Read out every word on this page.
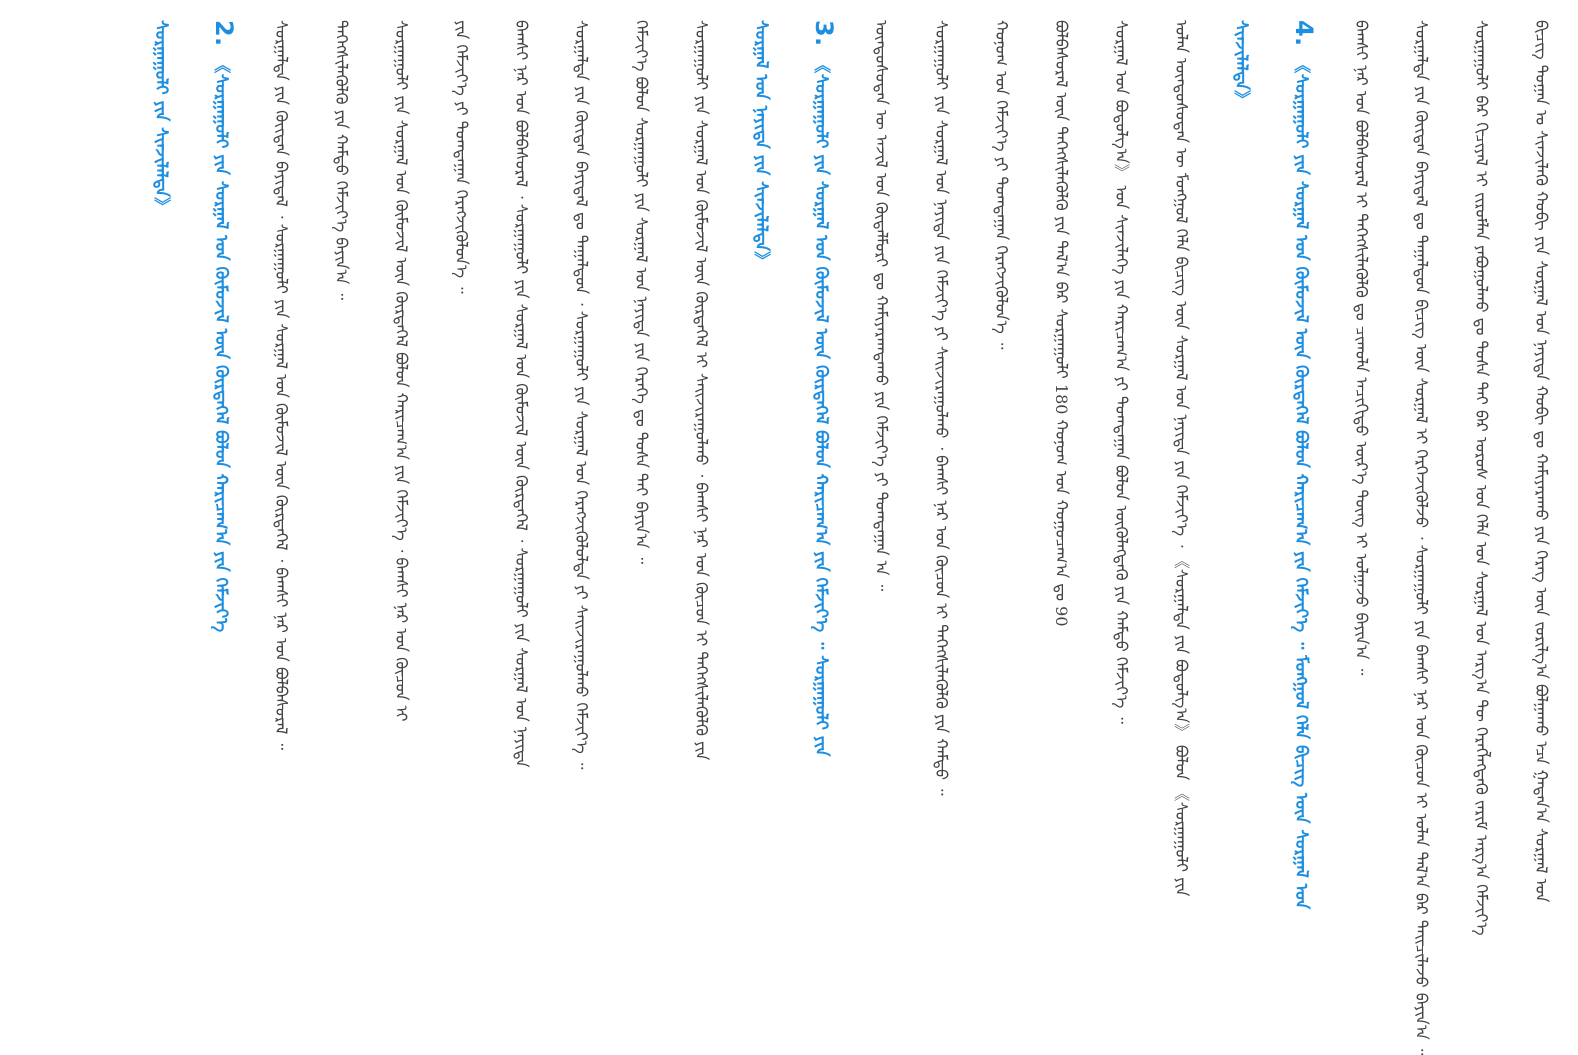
ᠪᠢᠴᠢᠭ᠌ ᠲᠣᠭᠠᠨ ᠤ ᠰᠢᠨᠵᠢᠯᠡᠬᠦ ᠬᠤᠪᠢ ᠶᠢᠨ ᠰᠤᠷᠭᠠᠯ ᠤᠨ ᠨᠡᠶᠢᠲᠡ ᠬᠤᠪᠢ ᠳᠤ ᠬᠠᠮᠢᠶᠠᠷᠠᠬᠤ ᠶᠢᠨ ᠬᠡᠷᠡᠭ ᠦᠨ ᠵᠣᠷᠢᠯᠭ᠎ᠠ ᠪᠣᠯᠭᠠᠬᠤ ᠡᠴᠡ ᠭᠠᠳᠠᠨ᠎ᠠ ᠰᠤᠷᠭᠠᠯ ᠤᠨ
ᠰᠤᠷᠭᠠᠭᠤᠯᠢ ᠪᠠᠷ ᠬᠢᠴᠢᠶᠡᠯ ᠢ ᠵᠢᠷᠤᠮᠯᠠᠨ ᠶᠠᠪᠤᠭᠤᠯᠬᠤ ᠳᠤ ᠲᠤᠰᠠ ᠲᠡᠢ ᠪᠡᠷ ᠣᠷᠣᠰ ᠤᠨ ᠬᠡᠯᠡ ᠤᠨ ᠰᠤᠷᠭᠠᠯ ᠤᠨ ᠠᠷᠭ᠎ᠠ ᠲᠦ ᠬᠡᠷᠡᠭᠯᠡᠭᠳᠡᠬᠦ ᠵᠠᠷᠢᠮ ᠠᠷᠭ᠎ᠠ ᠬᠡᠮᠵᠢᠶ᠎ᠡ
ᠰᠤᠷᠭᠠᠯᠲᠠ ᠶᠢᠨ ᠬᠦᠢᠲᠡᠨ ᠪᠠᠶᠢᠳᠠᠯ ᠳᠤ ᠳᠠᠭᠠᠯᠳᠤᠨ ᠪᠢᠴᠢᠭ᠌ ᠦᠨ ᠰᠤᠷᠭᠠᠯ ᠢ ᠬᠡᠷᠭᠡᠵᠢᠭᠦᠯᠵᠦ ᠂ ᠰᠤᠷᠭᠠᠭᠤᠯᠢ ᠶᠢᠨ ᠪᠠᠭᠰᠢ ᠨᠠᠷ ᠤᠨ ᠬᠦᠴᠦᠨ ᠢ ᠣᠯᠠᠨ ᠲᠠᠯ᠎ᠠ ᠪᠡᠷ ᠳᠠᠢᠴᠢᠯᠠᠵᠤ ᠪᠠᠶᠢᠨ᠎ᠠ ᠃
ᠪᠠᠭᠰᠢ ᠨᠠᠷ ᠤᠨ ᠪᠣᠯᠪᠠᠰᠤᠷᠠᠯ ᠢ ᠳᠡᠭᠡᠭᠰᠢᠯᠡᠭᠦᠯᠬᠦ ᠳᠤ ᠴᠢᠬᠤᠯᠠ ᠠᠴᠢᠬᠢᠲᠤ ᠦᠷ᠎ᠡ ᠳᠦᠩ ᠢ ᠣᠯᠭᠠᠵᠤ ᠪᠠᠶᠢᠨ᠎ᠠ ᠃
4.《ᠰᠤᠷᠭᠠᠭᠤᠯᠢ ᠶᠢᠨ ᠰᠤᠷᠭᠠᠯ ᠤᠨ ᠬᠦᠮᠦᠵᠢᠯ ᠦᠨ ᠬᠦᠷᠲᠡᠭᠡᠯ ᠪᠣᠯᠤᠨ ᠬᠠᠷᠢᠴᠠᠭ᠎ᠠ ᠶᠢᠨ ᠬᠡᠮᠵᠢᠶ᠎ᠡ ᠃ ᠮᠣᠩᠭᠣᠯ ᠬᠡᠯᠡ ᠪᠢᠴᠢᠭ᠌ ᠦᠨ ᠰᠤᠷᠭᠠᠯ ᠤᠨ
ᠰᠢᠨᠵᠢᠯᠡᠯᠲᠡ》
ᠣᠯᠠᠨ ᠦᠨᠳᠦᠰᠦᠲᠡᠨ ᠦ ᠮᠣᠩᠭᠣᠯ ᠬᠡᠯᠡ ᠪᠢᠴᠢᠭ᠌ ᠦᠨ ᠰᠤᠷᠭᠠᠯ ᠤᠨ ᠨᠡᠶᠢᠲᠡ ᠶᠢᠨ ᠬᠡᠮᠵᠢᠶ᠎ᠡ ᠂ 《ᠰᠤᠷᠭᠠᠯᠲᠠ ᠶᠢᠨ ᠪᠣᠳᠤᠯᠭ᠎ᠠ》 ᠪᠣᠯᠤᠨ 《ᠰᠤᠷᠭᠠᠭᠤᠯᠢ ᠶᠢᠨ
ᠰᠤᠷᠭᠠᠯ ᠤᠨ ᠪᠣᠳᠤᠯᠭ᠎ᠠ》 ᠤᠨ ᠰᠢᠨᠵᠢᠯᠡᠭᠡ ᠶᠢᠨ ᠬᠠᠷᠢᠴᠠᠭ᠎ᠠ ᠶᠢ ᠲᠣᠭᠲᠠᠭᠠᠨ ᠪᠣᠯᠤᠨ ᠦᠭᠦᠯᠡᠭᠳᠡᠬᠦ ᠶᠢᠨ ᠬᠠᠮᠲᠤ ᠬᠡᠮᠵᠢᠶ᠎ᠡ ᠃
ᠪᠣᠯᠪᠠᠰᠤᠷᠠᠯ ᠦᠨ ᠳᠡᠭᠡᠭᠰᠢᠯᠡᠭᠦᠯᠬᠦ ᠶᠢᠨ ᠲᠠᠯ᠎ᠠ ᠪᠡᠷ ᠰᠤᠷᠭᠠᠭᠤᠯᠢ 180 ᠬᠣᠨᠣᠭ ᠤᠨ ᠬᠤᠭᠤᠴᠠᠭ᠎ᠠ ᠳᠤ 90
ᠬᠣᠨᠣᠭ ᠤᠨ ᠬᠡᠮᠵᠢᠶ᠎ᠡ ᠶᠢ ᠲᠣᠭᠲᠠᠭᠠᠨ ᠬᠡᠷᠡᠭᠵᠢᠭᠦᠯᠦᠨ᠎ᠡ ᠃
ᠰᠤᠷᠭᠠᠭᠤᠯᠢ ᠶᠢᠨ ᠰᠤᠷᠭᠠᠯ ᠤᠨ ᠨᠡᠶᠢᠲᠡ ᠶᠢᠨ ᠬᠡᠮᠵᠢᠶ᠎ᠡ ᠶᠢ ᠰᠠᠢᠵᠢᠷᠠᠭᠤᠯᠬᠤ ᠂ ᠪᠠᠭᠰᠢ ᠨᠠᠷ ᠤᠨ ᠬᠦᠴᠦᠨ ᠢ ᠳᠡᠭᠡᠭᠰᠢᠯᠡᠭᠦᠯᠬᠦ ᠶᠢᠨ ᠬᠠᠮᠲᠤ ᠃
ᠦᠨᠳᠦᠰᠦᠲᠡᠨ ᠦ ᠠᠵᠢᠯ ᠤᠨ ᠬᠦᠳᠡᠯᠮᠦᠷᠢ ᠳᠤ ᠬᠠᠮᠢᠶᠠᠷᠠᠭᠳᠠᠬᠤ ᠶᠢᠨ ᠬᠡᠮᠵᠢᠶ᠎ᠡ ᠶᠢ ᠲᠣᠭᠲᠠᠭᠠᠨ ᠠ ᠃
3.《ᠰᠤᠷᠭᠠᠭᠤᠯᠢ ᠶᠢᠨ ᠰᠤᠷᠭᠠᠯ ᠤᠨ ᠬᠦᠮᠦᠵᠢᠯ ᠦᠨ ᠬᠦᠷᠲᠡᠭᠡᠯ ᠪᠣᠯᠤᠨ ᠬᠠᠷᠢᠴᠠᠭ᠎ᠠ ᠶᠢᠨ ᠬᠡᠮᠵᠢᠶ᠎ᠡ ᠃ ᠰᠤᠷᠭᠠᠭᠤᠯᠢ ᠶᠢᠨ
ᠰᠤᠷᠭᠠᠯ ᠤᠨ ᠨᠡᠶᠢᠲᠡ ᠶᠢᠨ ᠰᠢᠨᠵᠢᠯᠡᠯᠲᠡ》
ᠰᠤᠷᠭᠠᠭᠤᠯᠢ ᠶᠢᠨ ᠰᠤᠷᠭᠠᠯ ᠤᠨ ᠬᠦᠮᠦᠵᠢᠯ ᠦᠨ ᠬᠦᠷᠲᠡᠭᠡᠯ ᠢ ᠰᠠᠢᠵᠢᠷᠠᠭᠤᠯᠬᠤ ᠂ ᠪᠠᠭᠰᠢ ᠨᠠᠷ ᠤᠨ ᠬᠦᠴᠦᠨ ᠢ ᠳᠡᠭᠡᠭᠰᠢᠯᠡᠭᠦᠯᠬᠦ ᠶᠢᠨ
ᠬᠡᠮᠵᠢᠶ᠎ᠡ ᠪᠣᠯᠤᠨ ᠰᠤᠷᠭᠠᠭᠤᠯᠢ ᠶᠢᠨ ᠰᠤᠷᠭᠠᠯ ᠤᠨ ᠨᠡᠶᠢᠲᠡ ᠶᠢᠨ ᠬᠡᠷᠡᠭᠡ ᠳᠤ ᠲᠤᠰᠠ ᠲᠡᠢ ᠪᠠᠶᠢᠨ᠎ᠠ ᠃
ᠰᠤᠷᠭᠠᠯᠲᠠ ᠶᠢᠨ ᠬᠦᠢᠲᠡᠨ ᠪᠠᠶᠢᠳᠠᠯ ᠳᠤ ᠳᠠᠭᠠᠯᠳᠤᠨ ᠂ ᠰᠤᠷᠭᠠᠭᠤᠯᠢ ᠶᠢᠨ ᠰᠤᠷᠭᠠᠯ ᠤᠨ ᠬᠡᠷᠡᠭᠵᠢᠭᠦᠯᠦᠯᠲᠡ ᠶᠢ ᠰᠠᠢᠵᠢᠷᠠᠭᠤᠯᠬᠤ ᠬᠡᠮᠵᠢᠶ᠎ᠡ ᠃
ᠪᠠᠭᠰᠢ ᠨᠠᠷ ᠤᠨ ᠪᠣᠯᠪᠠᠰᠤᠷᠠᠯ ᠂ ᠰᠤᠷᠭᠠᠭᠤᠯᠢ ᠶᠢᠨ ᠰᠤᠷᠭᠠᠯ ᠤᠨ ᠬᠦᠮᠦᠵᠢᠯ ᠦᠨ ᠬᠦᠷᠲᠡᠭᠡᠯ ᠂ ᠰᠤᠷᠭᠠᠭᠤᠯᠢ ᠶᠢᠨ ᠰᠤᠷᠭᠠᠯ ᠤᠨ ᠨᠡᠶᠢᠲᠡ
ᠶᠢᠨ ᠬᠡᠮᠵᠢᠶ᠎ᠡ ᠶᠢ ᠲᠣᠭᠲᠠᠭᠠᠨ ᠬᠡᠷᠡᠭᠵᠢᠭᠦᠯᠦᠨ᠎ᠡ ᠃
ᠰᠤᠷᠭᠠᠭᠤᠯᠢ ᠶᠢᠨ ᠰᠤᠷᠭᠠᠯ ᠤᠨ ᠬᠦᠮᠦᠵᠢᠯ ᠦᠨ ᠬᠦᠷᠲᠡᠭᠡᠯ ᠪᠣᠯᠤᠨ ᠬᠠᠷᠢᠴᠠᠭ᠎ᠠ ᠶᠢᠨ ᠬᠡᠮᠵᠢᠶ᠎ᠡ ᠂ ᠪᠠᠭᠰᠢ ᠨᠠᠷ ᠤᠨ ᠬᠦᠴᠦᠨ ᠢ
ᠳᠡᠭᠡᠭᠰᠢᠯᠡᠭᠦᠯᠬᠦ ᠶᠢᠨ ᠬᠠᠮᠲᠤ ᠬᠡᠮᠵᠢᠶ᠎ᠡ ᠪᠠᠶᠢᠨ᠎ᠠ ᠃
ᠰᠤᠷᠭᠠᠯᠲᠠ ᠶᠢᠨ ᠬᠦᠢᠲᠡᠨ ᠪᠠᠶᠢᠳᠠᠯ ᠂ ᠰᠤᠷᠭᠠᠭᠤᠯᠢ ᠶᠢᠨ ᠰᠤᠷᠭᠠᠯ ᠤᠨ ᠬᠦᠮᠦᠵᠢᠯ ᠦᠨ ᠬᠦᠷᠲᠡᠭᠡᠯ ᠂ ᠪᠠᠭᠰᠢ ᠨᠠᠷ ᠤᠨ ᠪᠣᠯᠪᠠᠰᠤᠷᠠᠯ ᠃
2.《ᠰᠤᠷᠭᠠᠭᠤᠯᠢ ᠶᠢᠨ ᠰᠤᠷᠭᠠᠯ ᠤᠨ ᠬᠦᠮᠦᠵᠢᠯ ᠦᠨ ᠬᠦᠷᠲᠡᠭᠡᠯ ᠪᠣᠯᠤᠨ ᠬᠠᠷᠢᠴᠠᠭ᠎ᠠ ᠶᠢᠨ ᠬᠡᠮᠵᠢᠶ᠎ᠡ
ᠰᠤᠷᠭᠠᠭᠤᠯᠢ ᠶᠢᠨ ᠰᠢᠨᠵᠢᠯᠡᠯᠲᠡ》
